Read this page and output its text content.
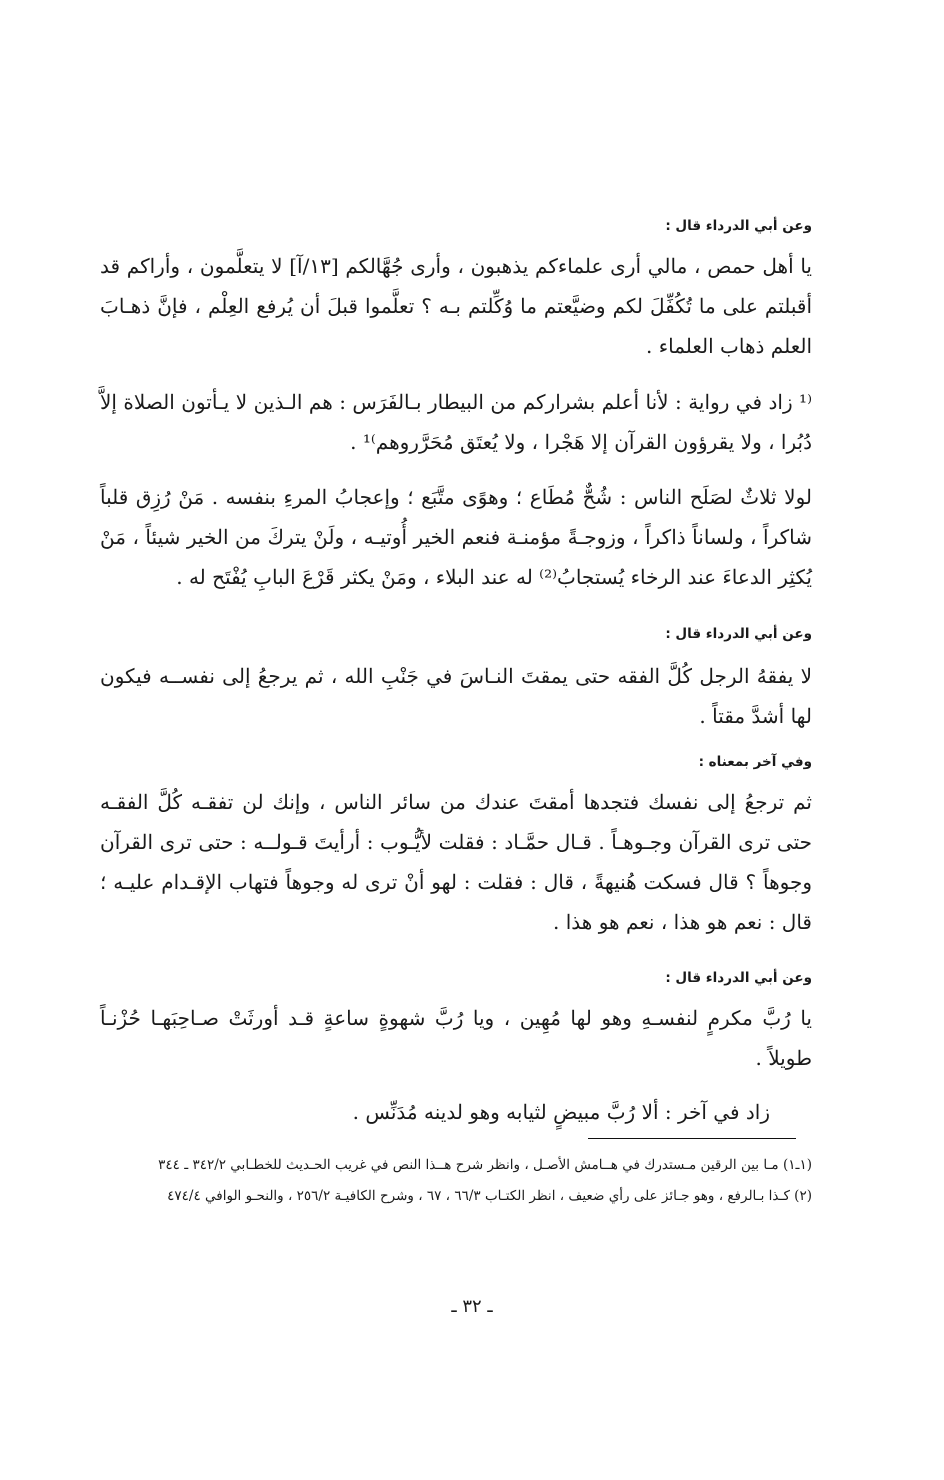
وعن أبي الدرداء قال :

يا أهل حمص ، مالي أرى علماءكم يذهبون ، وأرى جُهَّالكم [١٣/آ] لا يتعلَّمون ، وأراكم قد أقبلتم على ما تُكُفِّلَ لكم وضيَّعتم ما وُكِّلتم بـه ؟ تعلَّموا قبلَ أن يُرفع العِلْم ، فإنَّ ذهـابَ العلم ذهاب العلماء .

⁽¹ زاد في رواية : لأنا أعلم بشراركم من البيطار بـالفَرَس : هم الـذين لا يـأتون الصلاة إلاَّ دُبُرا ، ولا يقرؤون القرآن إلا هَجْرا ، ولا يُعتَق مُحَرَّروهم⁾¹ .

لولا ثلاثٌ لصَلَح الناس : شُحٌّ مُطَاع ؛ وهوًى متَّبَع ؛ وإعجابُ المرءِ بنفسه . مَنْ رُزِق قلباً شاكراً ، ولساناً ذاكراً ، وزوجـةً مؤمنـة فنعم الخير أُوتيـه ، ولَنْ يتركَ من الخير شيئاً ، مَنْ يُكثِر الدعاءَ عند الرخاء يُستجابُ⁽²⁾ له عند البلاء ، ومَنْ يكثر قَرْعَ البابِ يُفْتَح له .

وعن أبي الدرداء قال :

لا يفقهُ الرجل كُلَّ الفقه حتى يمقتَ النـاسَ في جَنْبِ الله ، ثم يرجعُ إلى نفســه فيكون لها أشدَّ مقتاً .

وفي آخر بمعناه :

ثم ترجعُ إلى نفسك فتجدها أمقتَ عندك من سائر الناس ، وإنك لن تفقـه كُلَّ الفقـه حتى ترى القرآن وجـوهـاً . قـال حمَّـاد : فقلت لأيُّـوب : أرأيتَ قـولــه : حتى ترى القرآن وجوهاً ؟ قال فسكت هُنيهةً ، قال : فقلت : لهو أنْ ترى له وجوهاً فتهاب الإقـدام عليـه ؛ قال : نعم هو هذا ، نعم هو هذا .

وعن أبي الدرداء قال :

يا رُبَّ مكرمٍ لنفسـهِ وهو لها مُهِين ، ويا رُبَّ شهوةٍ ساعةٍ قـد أورثَتْ صـاحِبَهـا حُزْنـاً طويلاً .

زاد في آخر : ألا رُبَّ مبيضٍ لثيابه وهو لدينه مُدَنِّس .

(١ـ١) مـا بين الرقين مـستدرك في هــامش الأصـل ، وانظر شرح هــذا النص في غريب الحـديث للخطـابي ٣٤٢/٢ ـ ٣٤٤

(٢) كـذا بـالرفع ، وهو جـائز على رأي ضعيف ، انظر الكتـاب ٦٦/٣ ، ٦٧ ، وشرح الكافيـة ٢٥٦/٢ ، والنحـو الوافي ٤٧٤/٤

ـ ٣٢ ـ
